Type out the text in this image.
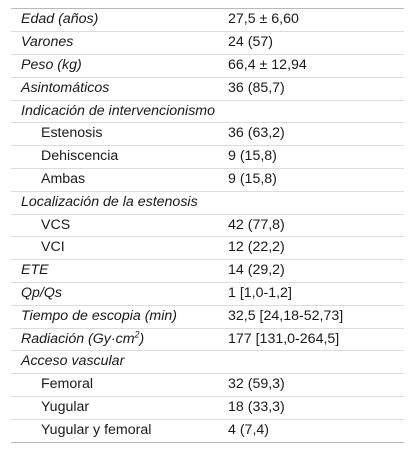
Edad (años)	27,5 ± 6,60
Varones	24 (57)
Peso (kg)	66,4 ± 12,94
Asintomáticos	36 (85,7)
Indicación de intervencionismo	
Estenosis	36 (63,2)
Dehiscencia	9 (15,8)
Ambas	9 (15,8)
Localización de la estenosis	
VCS	42 (77,8)
VCI	12 (22,2)
ETE	14 (29,2)
Qp/Qs	1 [1,0-1,2]
Tiempo de escopia (min)	32,5 [24,18-52,73]
Radiación $(Gy\cdot cm^2)$	177 [131,0-264,5]
Acceso vascular	
Femoral	32 (59,3)
Yugular	18 (33,3)
Yugular y femoral	4 (7,4)
